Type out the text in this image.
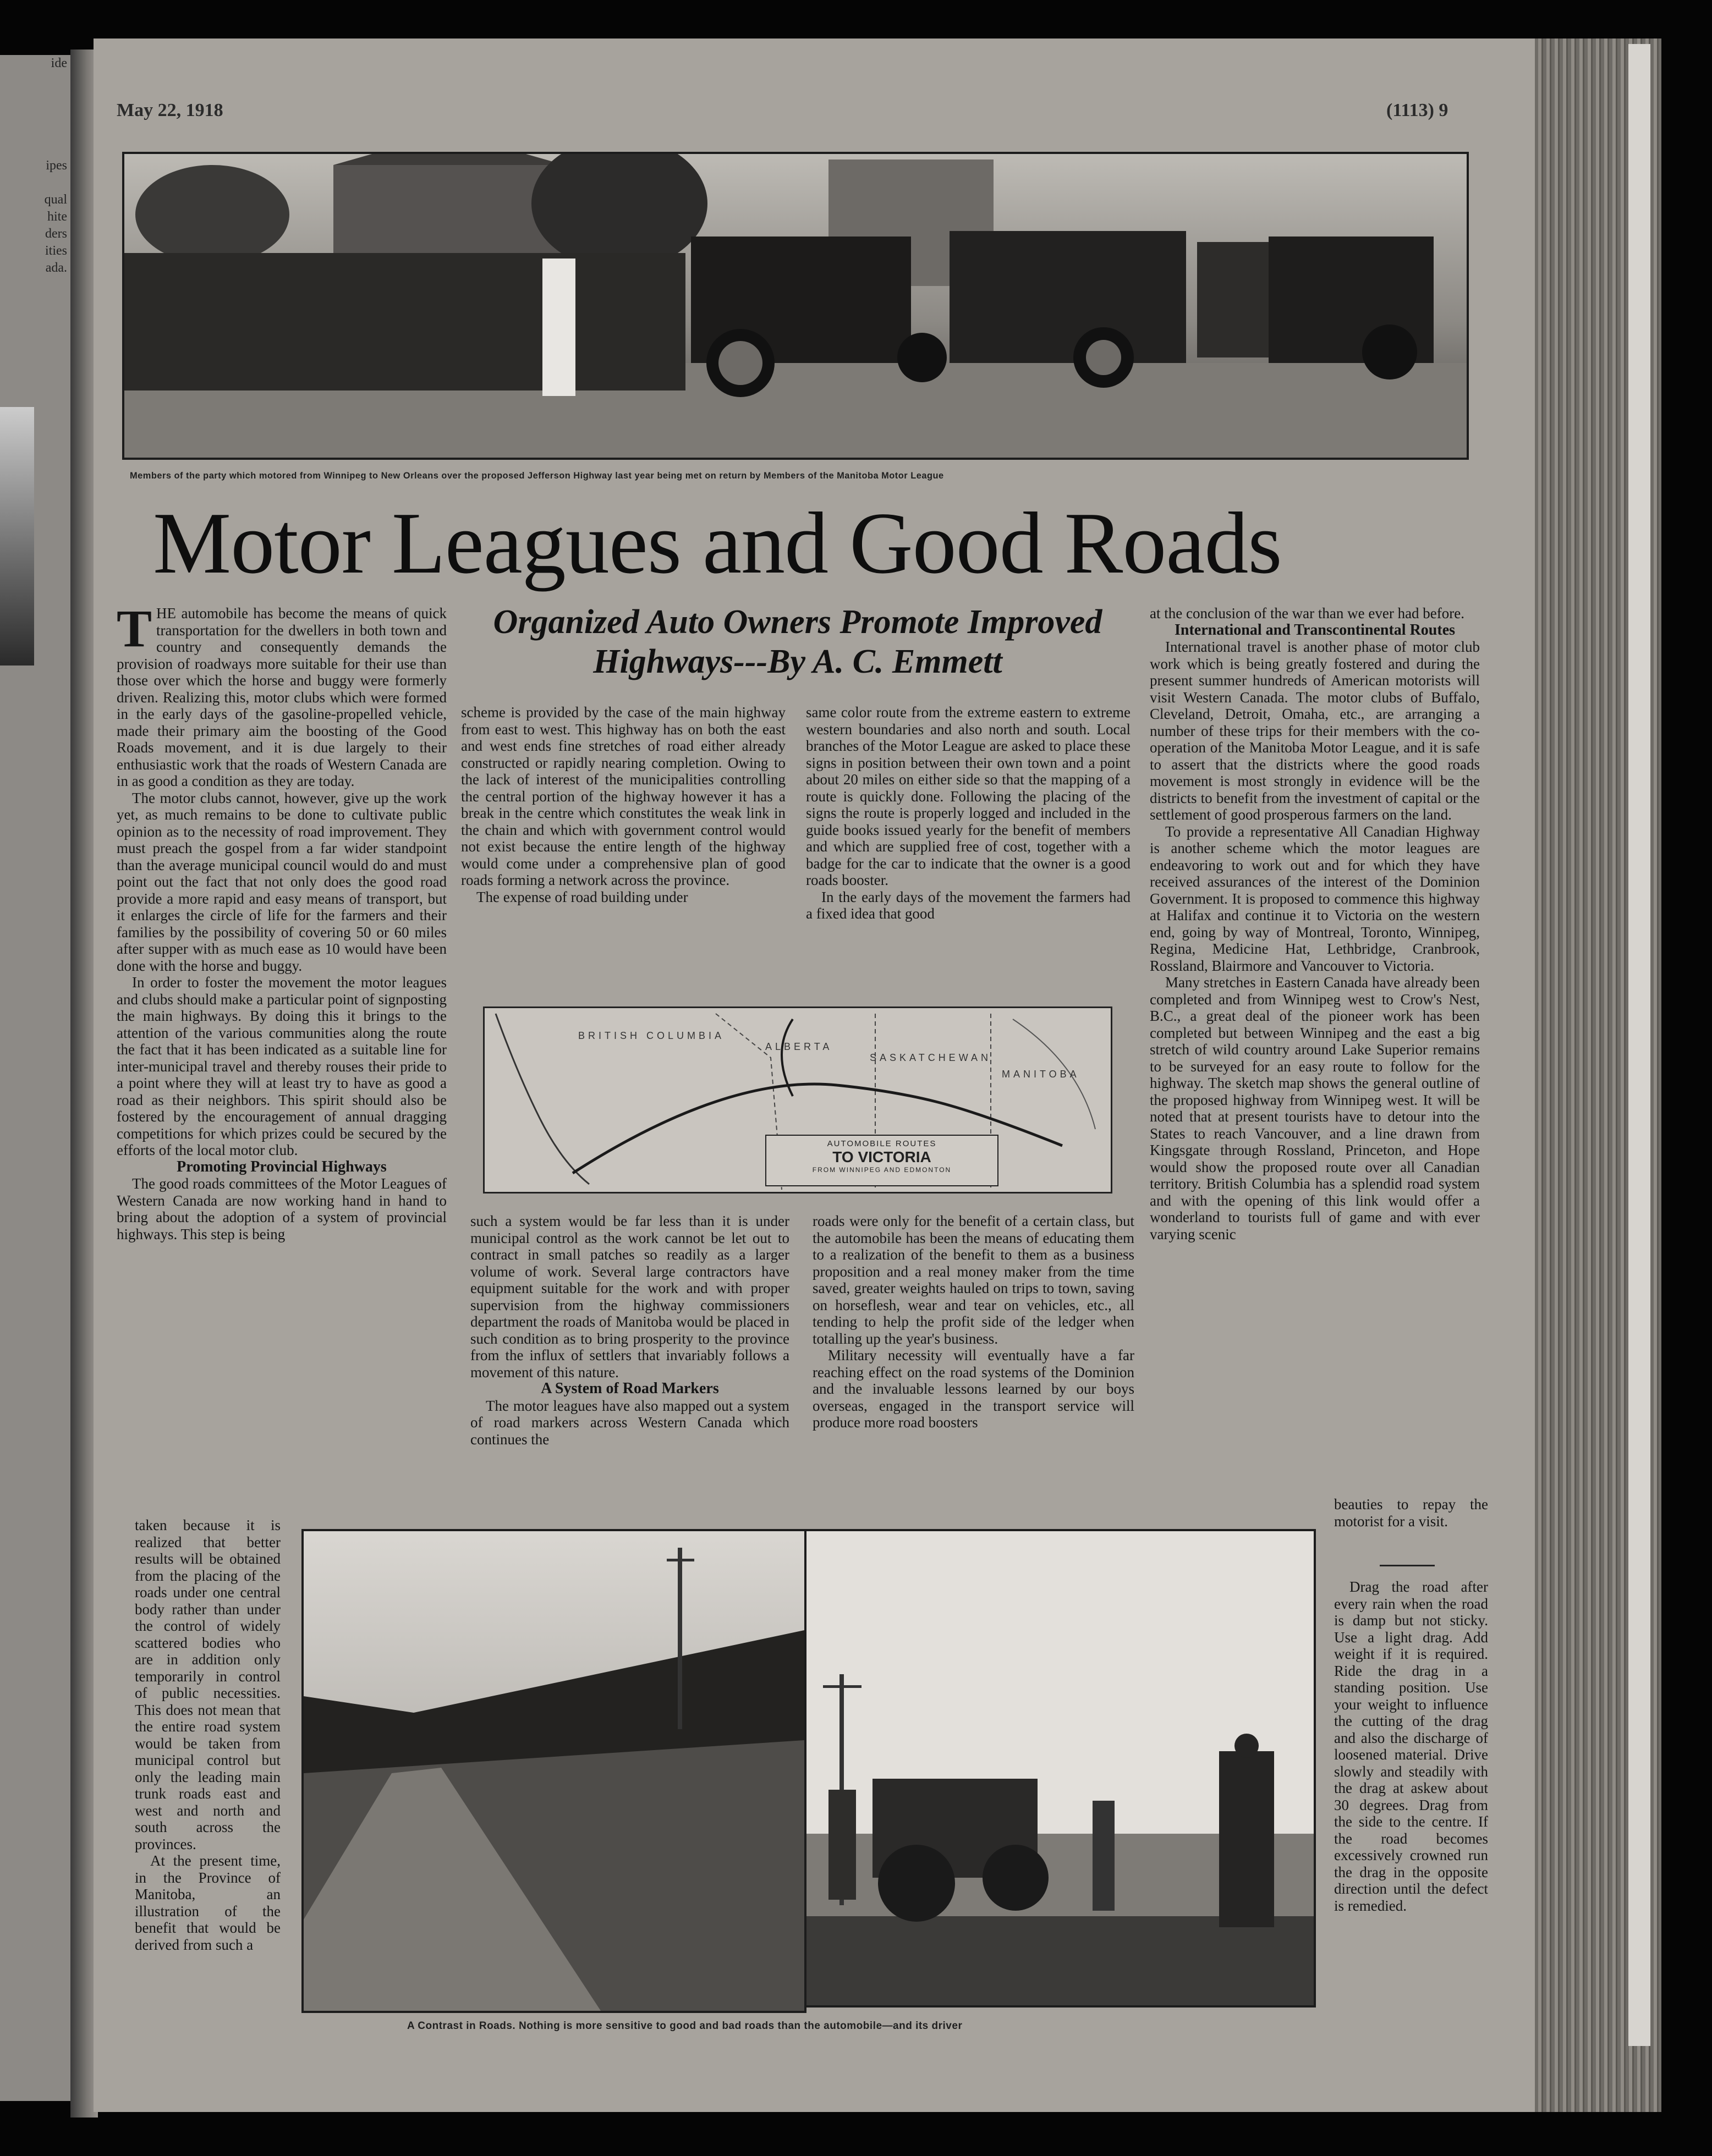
ide

ipes

qual
hite
ders
ities
ada.
May 22, 1918	(1113) 9
Members of the party which motored from Winnipeg to New Orleans over the proposed Jefferson Highway last year being met on return by Members of the Manitoba Motor League
Motor Leagues and Good Roads
Organized Auto Owners Promote Improved
Highways---By A. C. Emmett

THE automobile has become the means of quick transportation for the dwellers in both town and country and consequently demands the provision of roadways more suitable for their use than those over which the horse and buggy were formerly driven. Realizing this, motor clubs which were formed in the early days of the gasoline-propelled vehicle, made their primary aim the boosting of the Good Roads movement, and it is due largely to their enthusiastic work that the roads of Western Canada are in as good a condition as they are today.

The motor clubs cannot, however, give up the work yet, as much remains to be done to cultivate public opinion as to the necessity of road improvement. They must preach the gospel from a far wider standpoint than the average municipal council would do and must point out the fact that not only does the good road provide a more rapid and easy means of transport, but it enlarges the circle of life for the farmers and their families by the possibility of covering 50 or 60 miles after supper with as much ease as 10 would have been done with the horse and buggy.

In order to foster the movement the motor leagues and clubs should make a particular point of signposting the main highways. By doing this it brings to the attention of the various communities along the route the fact that it has been indicated as a suitable line for inter-municipal travel and thereby rouses their pride to a point where they will at least try to have as good a road as their neighbors. This spirit should also be fostered by the encouragement of annual dragging competitions for which prizes could be secured by the efforts of the local motor club.

Promoting Provincial Highways

The good roads committees of the Motor Leagues of Western Canada are now working hand in hand to bring about the adoption of a system of provincial highways. This step is being

taken because it is realized that better results will be obtained from the placing of the roads under one central body rather than under the control of widely scattered bodies who are in addition only temporarily in control of public necessities. This does not mean that the entire road system would be taken from municipal control but only the leading main trunk roads east and west and north and south across the provinces.

At the present time, in the Province of Manitoba, an illustration of the benefit that would be derived from such a

scheme is provided by the case of the main highway from east to west. This highway has on both the east and west ends fine stretches of road either already constructed or rapidly nearing completion. Owing to the lack of interest of the municipalities controlling the central portion of the highway however it has a break in the centre which constitutes the weak link in the chain and which with government control would not exist because the entire length of the highway would come under a comprehensive plan of good roads forming a network across the province.

The expense of road building under

same color route from the extreme eastern to extreme western boundaries and also north and south. Local branches of the Motor League are asked to place these signs in position between their own town and a point about 20 miles on either side so that the mapping of a route is quickly done. Following the placing of the signs the route is properly logged and included in the guide books issued yearly for the benefit of members and which are supplied free of cost, together with a badge for the car to indicate that the owner is a good roads booster.

In the early days of the movement the farmers had a fixed idea that good

BRITISH COLUMBIA
ALBERTA
SASKATCHEWAN
MANITOBA
AUTOMOBILE ROUTES
TO VICTORIA
FROM WINNIPEG AND EDMONTON

such a system would be far less than it is under municipal control as the work cannot be let out to contract in small patches so readily as a larger volume of work. Several large contractors have equipment suitable for the work and with proper supervision from the highway commissioners department the roads of Manitoba would be placed in such condition as to bring prosperity to the province from the influx of settlers that invariably follows a movement of this nature.

A System of Road Markers

The motor leagues have also mapped out a system of road markers across Western Canada which continues the

roads were only for the benefit of a certain class, but the automobile has been the means of educating them to a realization of the benefit to them as a business proposition and a real money maker from the time saved, greater weights hauled on trips to town, saving on horseflesh, wear and tear on vehicles, etc., all tending to help the profit side of the ledger when totalling up the year's business.

Military necessity will eventually have a far reaching effect on the road systems of the Dominion and the invaluable lessons learned by our boys overseas, engaged in the transport service will produce more road boosters

at the conclusion of the war than we ever had before.

International and Transcontinental Routes

International travel is another phase of motor club work which is being greatly fostered and during the present summer hundreds of American motorists will visit Western Canada. The motor clubs of Buffalo, Cleveland, Detroit, Omaha, etc., are arranging a number of these trips for their members with the co-operation of the Manitoba Motor League, and it is safe to assert that the districts where the good roads movement is most strongly in evidence will be the districts to benefit from the investment of capital or the settlement of good prosperous farmers on the land.

To provide a representative All Canadian Highway is another scheme which the motor leagues are endeavoring to work out and for which they have received assurances of the interest of the Dominion Government. It is proposed to commence this highway at Halifax and continue it to Victoria on the western end, going by way of Montreal, Toronto, Winnipeg, Regina, Medicine Hat, Lethbridge, Cranbrook, Rossland, Blairmore and Vancouver to Victoria.

Many stretches in Eastern Canada have already been completed and from Winnipeg west to Crow's Nest, B.C., a great deal of the pioneer work has been completed but between Winnipeg and the east a big stretch of wild country around Lake Superior remains to be surveyed for an easy route to follow for the highway. The sketch map shows the general outline of the proposed highway from Winnipeg west. It will be noted that at present tourists have to detour into the States to reach Vancouver, and a line drawn from Kingsgate through Rossland, Princeton, and Hope would show the proposed route over all Canadian territory. British Columbia has a splendid road system and with the opening of this link would offer a wonderland to tourists full of game and with ever varying scenic

beauties to repay the motorist for a visit.

Drag the road after every rain when the road is damp but not sticky. Use a light drag. Add weight if it is required. Ride the drag in a standing position. Use your weight to influence the cutting of the drag and also the discharge of loosened material. Drive slowly and steadily with the drag at askew about 30 degrees. Drag from the side to the centre. If the road becomes excessively crowned run the drag in the opposite direction until the defect is remedied.

A Contrast in Roads. Nothing is more sensitive to good and bad roads than the automobile—and its driver
